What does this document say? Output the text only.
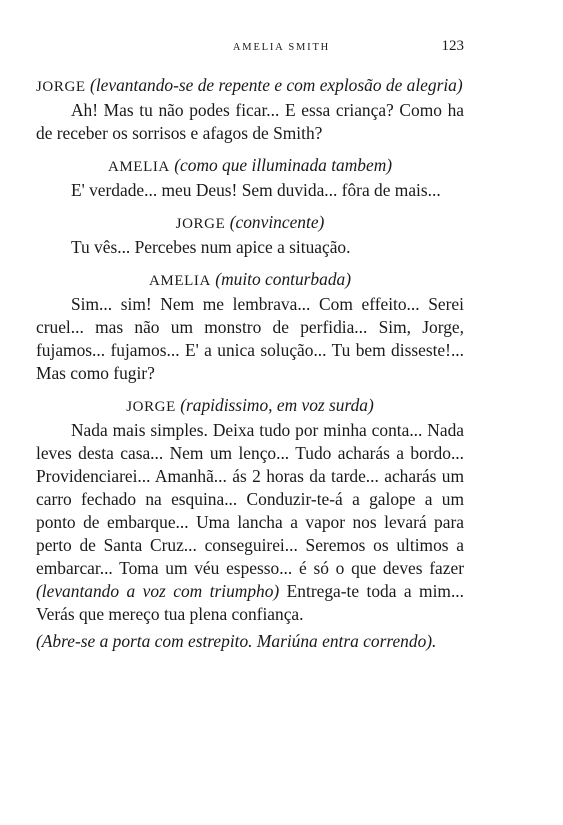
AMELIA SMITH	123

JORGE (levantando-se de repente e com explosão de alegria)

Ah! Mas tu não podes ficar... E essa criança? Como ha de receber os sorrisos e afagos de Smith?

AMELIA (como que illuminada tambem)

E' verdade... meu Deus! Sem duvida... fôra de mais...

JORGE (convincente)

Tu vês... Percebes num apice a situação.

AMELIA (muito conturbada)

Sim... sim! Nem me lembrava... Com effeito... Serei cruel... mas não um monstro de perfidia... Sim, Jorge, fujamos... fujamos... E' a unica solução... Tu bem disseste!... Mas como fugir?

JORGE (rapidissimo, em voz surda)

Nada mais simples. Deixa tudo por minha conta... Nada leves desta casa... Nem um lenço... Tudo acharás a bordo... Providenciarei... Amanhã... ás 2 horas da tarde... acharás um carro fechado na esquina... Conduzir-te-á a galope a um ponto de embarque... Uma lancha a vapor nos levará para perto de Santa Cruz... conseguirei... Seremos os ultimos a embarcar... Toma um véu espesso... é só o que deves fazer (levantando a voz com triumpho) Entrega-te toda a mim... Verás que mereço tua plena confiança.

(Abre-se a porta com estrepito. Mariúna entra correndo).
